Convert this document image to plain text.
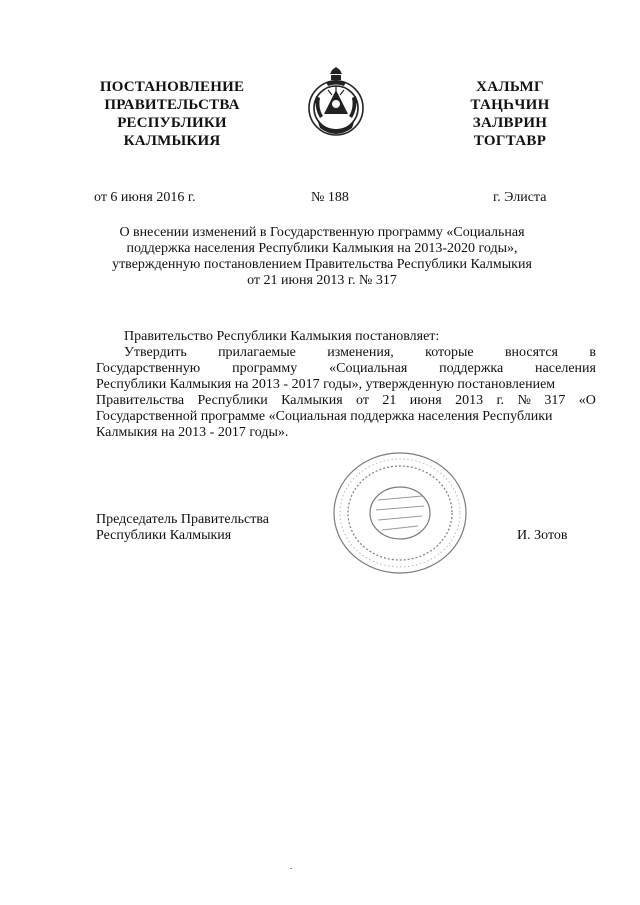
ПОСТАНОВЛЕНИЕ
ПРАВИТЕЛЬСТВА
РЕСПУБЛИКИ
КАЛМЫКИЯ
ХАЛЬМГ
ТАҢҺЧИН
ЗАЛВРИН
ТОГТАВР
от 6 июня 2016 г.	№ 188	г. Элиста
О внесении изменений в Государственную программу «Социальная
поддержка населения Республики Калмыкия на 2013-2020 годы»,
утвержденную постановлением Правительства Республики Калмыкия
от 21 июня 2013 г. № 317
Правительство Республики Калмыкия постановляет:
Утвердить прилагаемые изменения, которые вносятся в
Государственную программу «Социальная поддержка населения
Республики Калмыкия на 2013 - 2017 годы», утвержденную постановлением
Правительства Республики Калмыкия от 21 июня 2013 г. № 317 «О
Государственной программе «Социальная поддержка населения Республики
Калмыкия на 2013 - 2017 годы».
Председатель Правительства
Республики Калмыкия	И. Зотов
